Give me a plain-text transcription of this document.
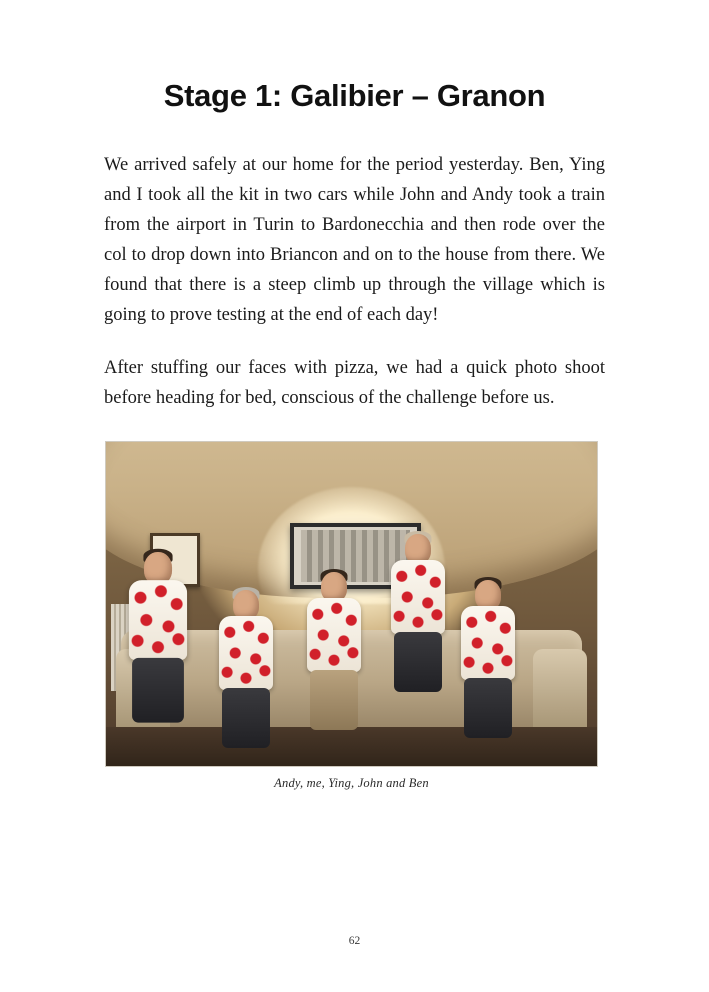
Stage 1: Galibier – Granon

We arrived safely at our home for the period yesterday. Ben, Ying and I took all the kit in two cars while John and Andy took a train from the airport in Turin to Bardonecchia and then rode over the col to drop down into Briancon and on to the house from there. We found that there is a steep climb up through the village which is going to prove testing at the end of each day!

After stuffing our faces with pizza, we had a quick photo shoot before heading for bed, conscious of the challenge before us.

Andy, me, Ying, John and Ben
62
